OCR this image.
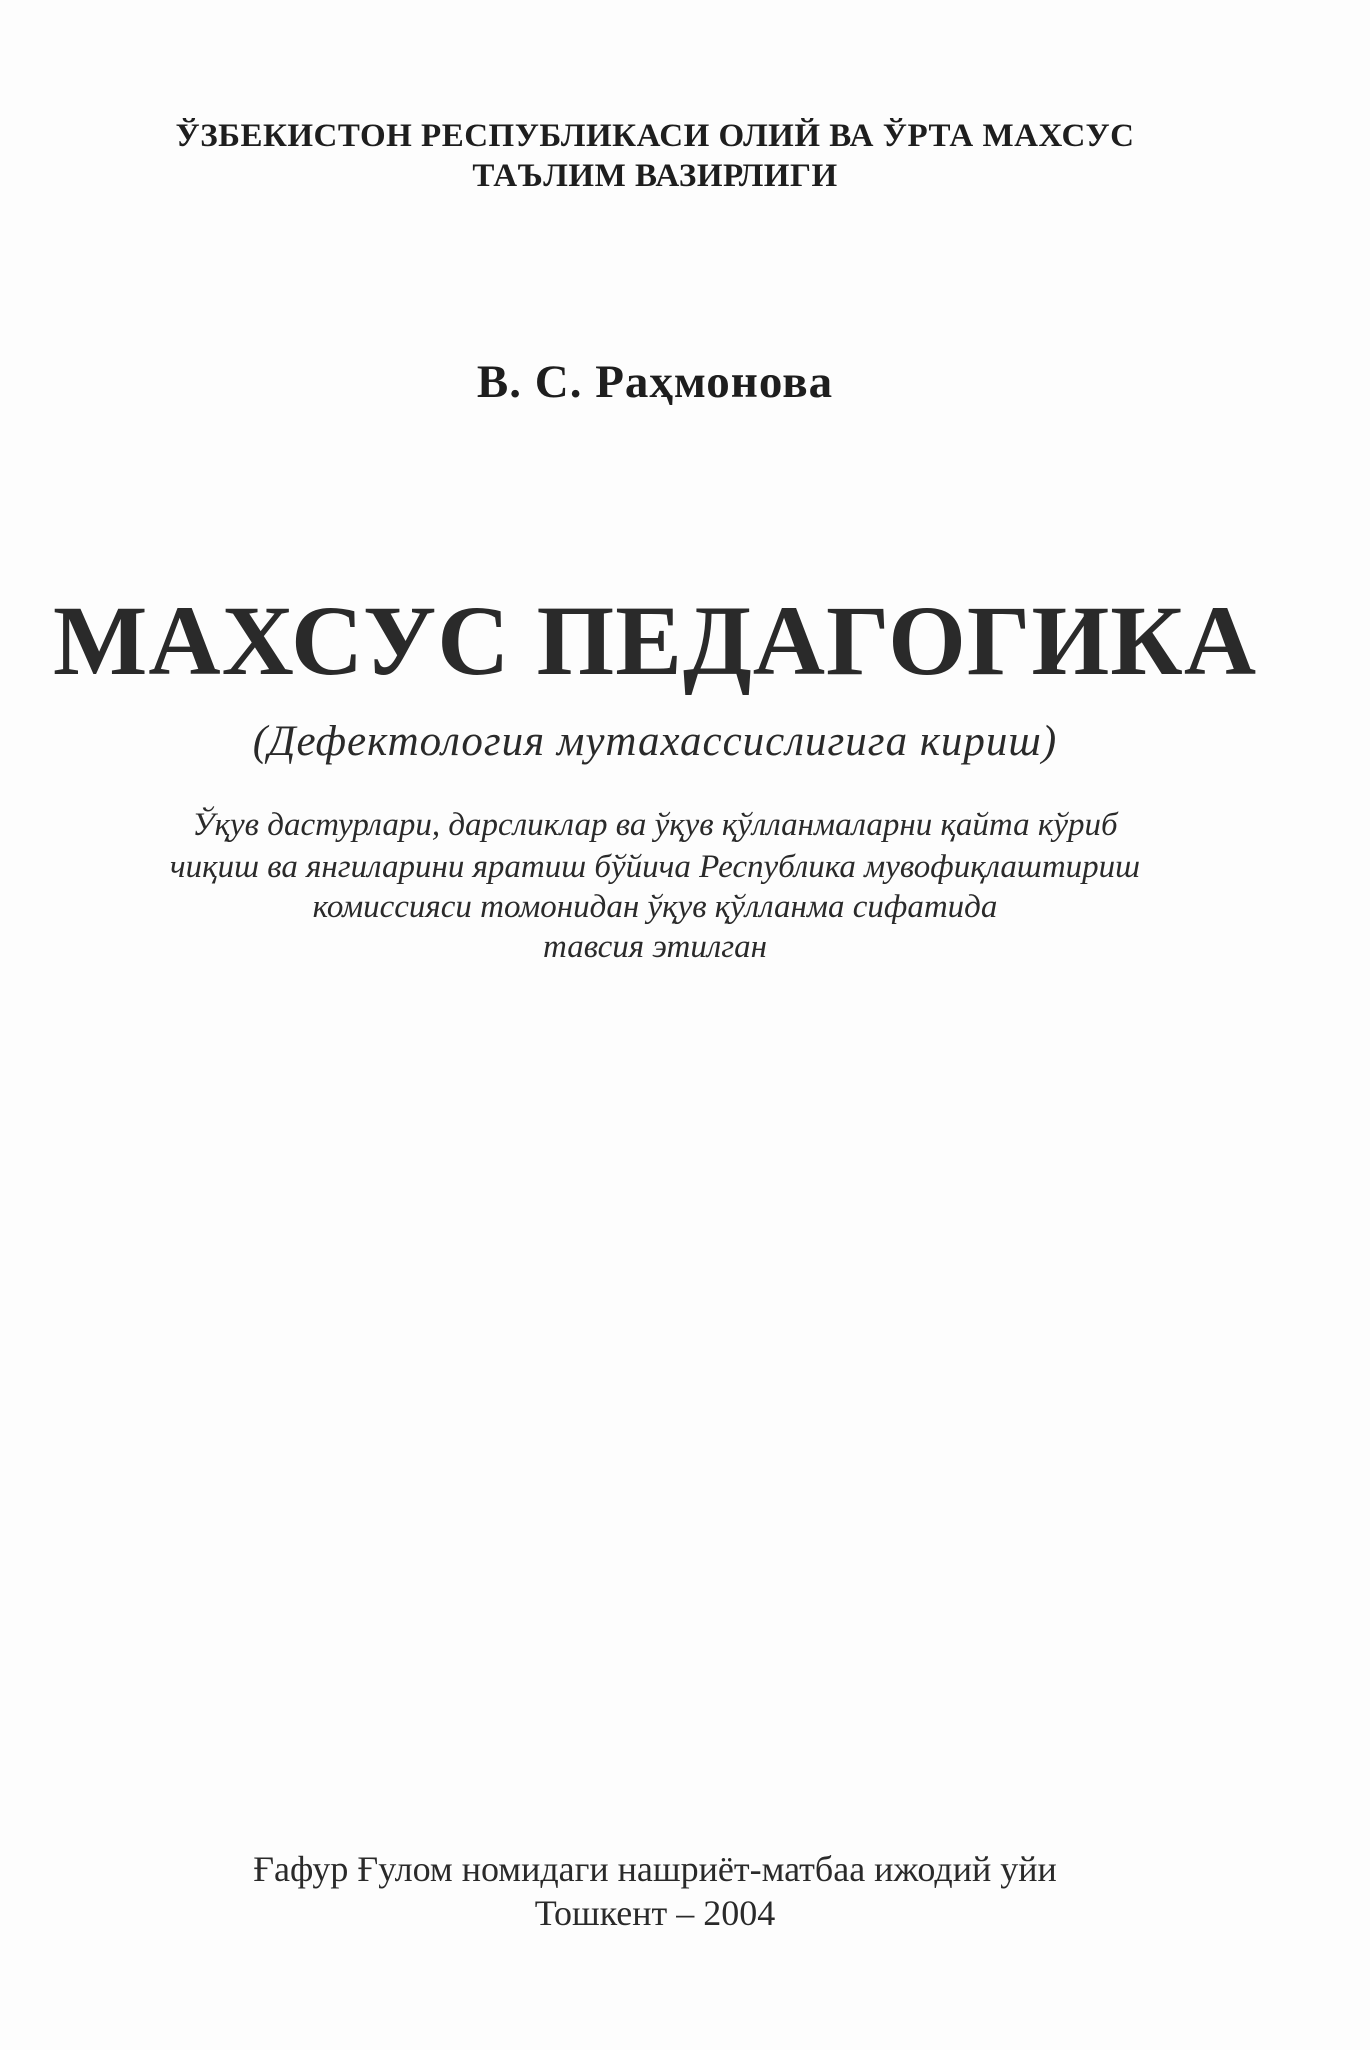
ЎЗБЕКИСТОН РЕСПУБЛИКАСИ ОЛИЙ ВА ЎРТА МАХСУС
ТАЪЛИМ ВАЗИРЛИГИ
В. С. Раҳмонова
МАХСУС ПЕДАГОГИКА
(Дефектология мутахассислигига кириш)
Ўқув дастурлари, дарсликлар ва ўқув қўлланмаларни қайта кўриб
чиқиш ва янгиларини яратиш бўйича Республика мувофиқлаштириш
комиссияси томонидан ўқув қўлланма сифатида
тавсия этилган
Ғафур Ғулом номидаги нашриёт-матбаа ижодий уйи
Тошкент – 2004
